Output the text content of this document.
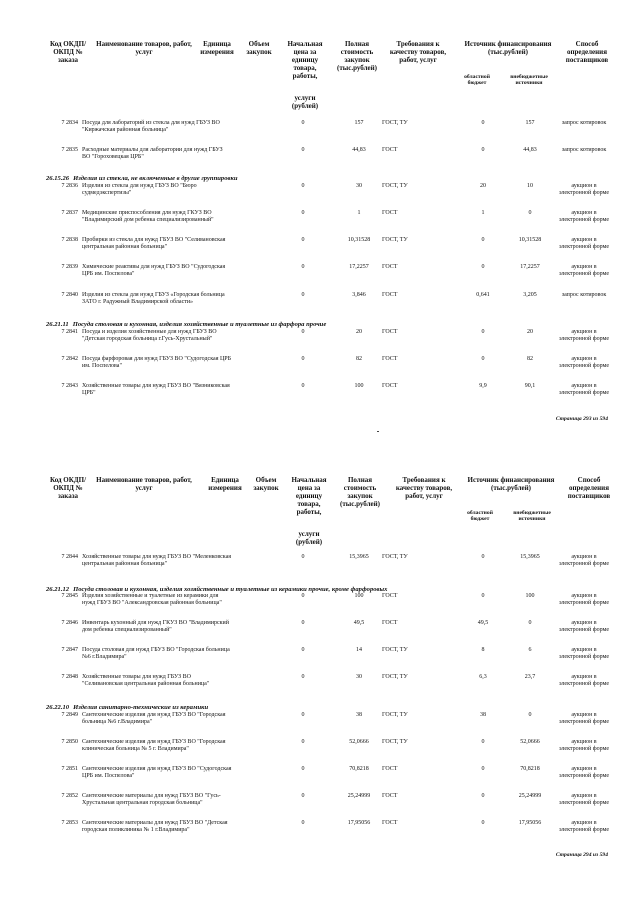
Код ОКДП/ ОКПД № заказа
Наименование товаров, работ, услуг
Единица измерения
Объем закупок
Начальная цена за единицу товара, работы,
услуги (рублей)
Полная стоимость закупок (тыс.рублей)
Требования к качеству товаров, работ, услуг
Источник финансирования (тыс.рублей)
областной бюджет
внебюджетные источники
Способ определения поставщиков
7 2834 Посуда для лабораторий из стекла для нужд ГБУЗ ВО "Киржачская районная больница"
0	157	ГОСТ, ТУ	0	157	запрос котировок
7 2835 Расходные материалы для лаборатории для нужд ГБУЗ ВО "Гороховецкая ЦРБ"
0	44,83	ГОСТ	0	44,83	запрос котировок
26.15.26 Изделия из стекла, не включенные в другие группировки
7 2836 Изделия из стекла для нужд ГБУЗ ВО "Бюро судмедэкспертизы"
0	30	ГОСТ, ТУ	20	10	аукцион в электронной форме
7 2837 Медицинские приспособления для нужд ГКУЗ ВО "Владимирский дом ребенка специализированный"
0	1	ГОСТ	1	0	аукцион в электронной форме
7 2838 Пробирки из стекла для нужд ГБУЗ ВО "Селивановская центральная районная больница"
0	10,31528	ГОСТ, ТУ	0	10,31528	аукцион в электронной форме
7 2839 Химические реактивы для нужд ГБУЗ ВО "Судогодская ЦРБ им. Поспелова"
0	17,2257	ГОСТ	0	17,2257	аукцион в электронной форме
7 2840 Изделия из стекла для нужд ГБУЗ «Городская больница ЗАТО г. Радужный Владимирской области»
0	3,846	ГОСТ	0,641	3,205	запрос котировок
26.21.11 Посуда столовая и кухонная, изделия хозяйственные и туалетные из фарфора прочие
7 2841 Посуда и изделия хозяйственные для нужд ГБУЗ ВО "Детская городская больница г.Гусь-Хрустальный"
0	20	ГОСТ	0	20	аукцион в электронной форме
7 2842 Посуда фарфоровая для нужд ГБУЗ ВО "Судогодская ЦРБ им. Поспелова"
0	82	ГОСТ	0	82	аукцион в электронной форме
7 2843 Хозяйственные товары для нужд ГБУЗ ВО "Вязниковская ЦРБ"
0	100	ГОСТ	9,9	90,1	аукцион в электронной форме
Страница 293 из 594
Код ОКДП/ ОКПД № заказа
Наименование товаров, работ, услуг
Единица измерения
Объем закупок
Начальная цена за единицу товара, работы,
услуги (рублей)
Полная стоимость закупок (тыс.рублей)
Требования к качеству товаров, работ, услуг
Источник финансирования (тыс.рублей)
областной бюджет
внебюджетные источники
Способ определения поставщиков
7 2844 Хозяйственные товары для нужд ГБУЗ ВО "Меленковская центральная районная больница"
0	15,3965	ГОСТ, ТУ	0	15,3965	аукцион в электронной форме
26.21.12 Посуда столовая и кухонная, изделия хозяйственные и туалетные из керамики прочие, кроме фарфоровых
7 2845 Изделия хозяйственные и туалетные из керамики для нужд ГБУЗ ВО "Александровская районная больница"
0	100	ГОСТ	0	100	аукцион в электронной форме
7 2846 Инвентарь кухонный для нужд ГКУЗ ВО "Владимирский дом ребенка специализированный"
0	49,5	ГОСТ	49,5	0	аукцион в электронной форме
7 2847 Посуда столовая для нужд ГБУЗ ВО "Городская больница №6 г.Владимира"
0	14	ГОСТ, ТУ	8	6	аукцион в электронной форме
7 2848 Хозяйственные товары для нужд ГБУЗ ВО "Селивановская центральная районная больница"
0	30	ГОСТ, ТУ	6,3	23,7	аукцион в электронной форме
26.22.10 Изделия санитарно-технические из керамики
7 2849 Сантехнические изделия для нужд ГБУЗ ВО "Городская больница №6 г.Владимира"
0	38	ГОСТ, ТУ	38	0	аукцион в электронной форме
7 2850 Сантехнические изделия для нужд ГБУЗ ВО "Городская клиническая больница № 5 г. Владимира"
0	52,0666	ГОСТ, ТУ	0	52,0666	аукцион в электронной форме
7 2851 Сантехнические изделия для нужд ГБУЗ ВО "Судогодская ЦРБ им. Поспелова"
0	70,8218	ГОСТ	0	70,8218	аукцион в электронной форме
7 2852 Сантехнические материалы для нужд ГБУЗ ВО "Гусь-Хрустальная центральная городская больница"
0	25,24999	ГОСТ	0	25,24999	аукцион в электронной форме
7 2853 Сантехнические материалы для нужд ГБУЗ ВО "Детская городская поликлиника № 1 г.Владимира"
0	17,95056	ГОСТ	0	17,95056	аукцион в электронной форме
Страница 294 из 594
